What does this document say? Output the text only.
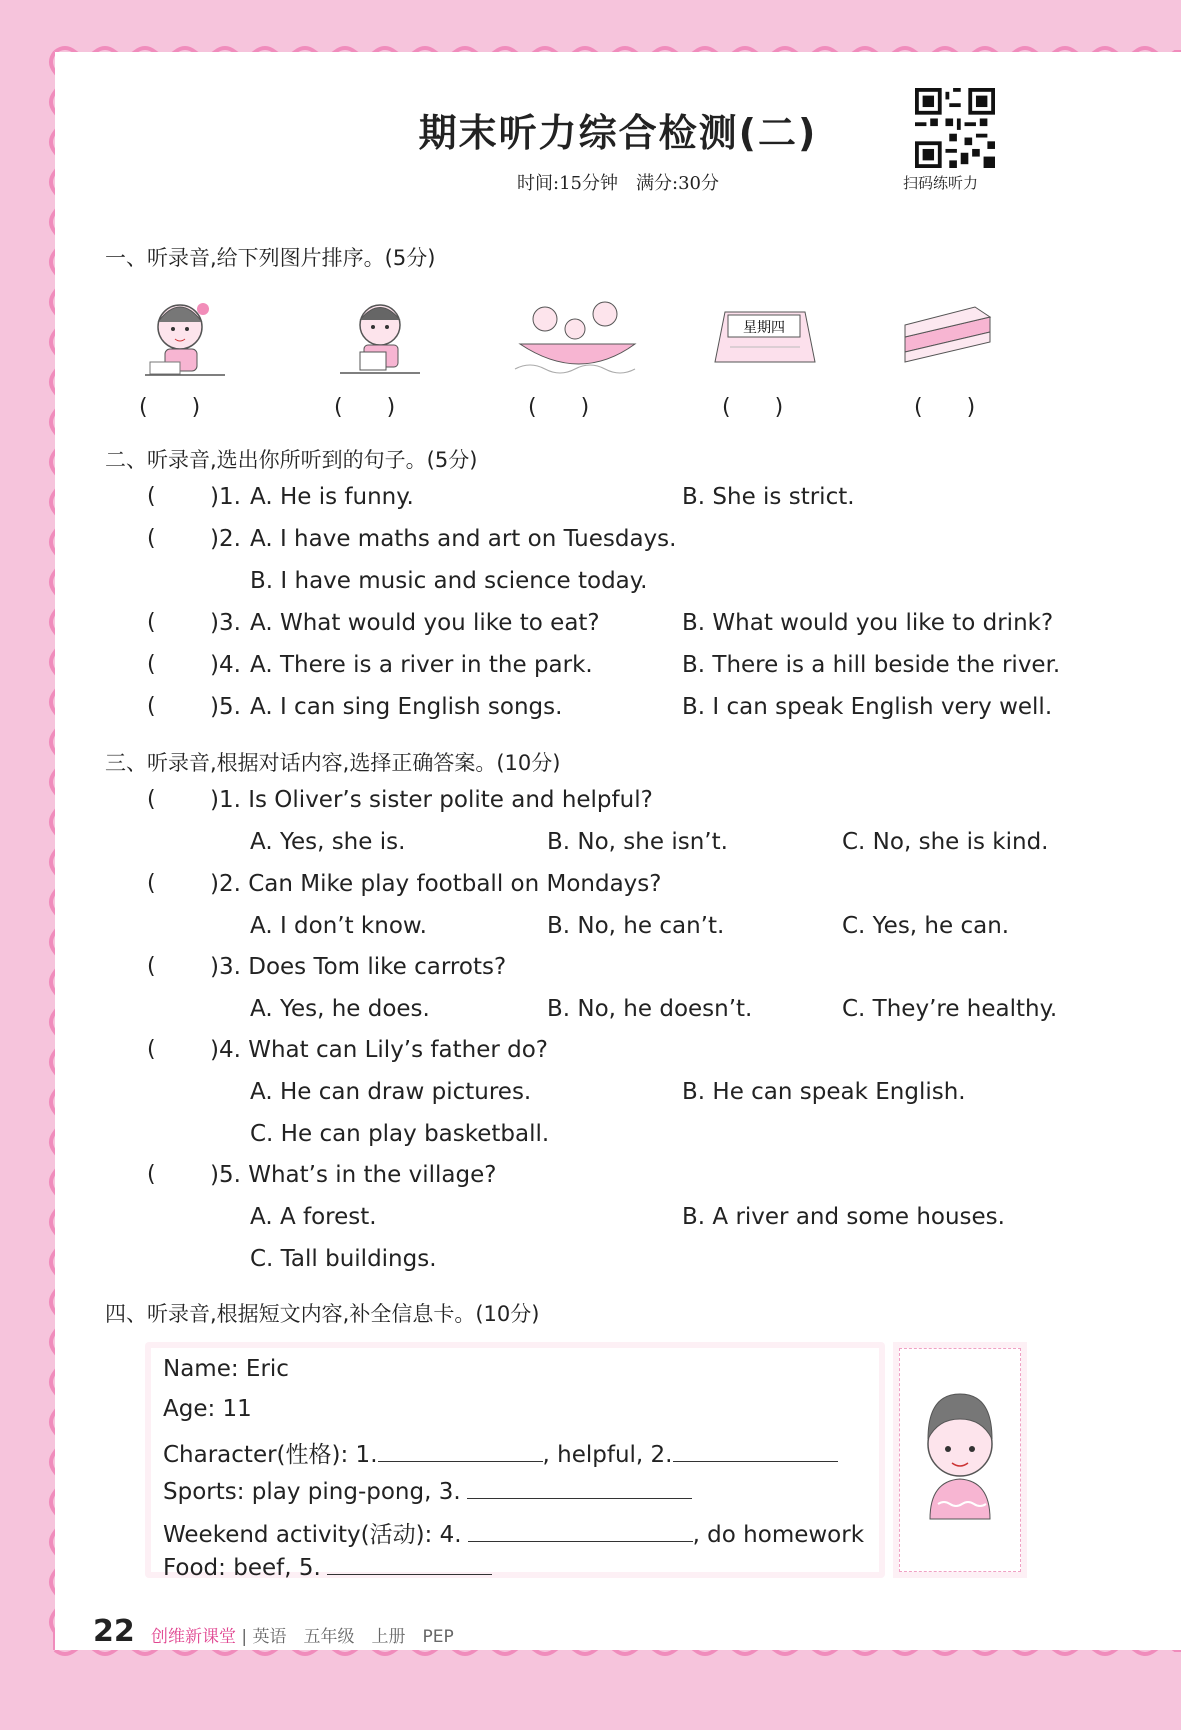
期末听力综合检测(二)
时间:15分钟　满分:30分	扫码练听力
一、听录音,给下列图片排序。(5分)
星期四
(　　)	(　　)	(　　)	(　　)	(　　)
二、听录音,选出你所听到的句子。(5分)
( )1. A. He is funny.	B. She is strict.
( )2. A. I have maths and art on Tuesdays.
B. I have music and science today.
( )3. A. What would you like to eat?	B. What would you like to drink?
( )4. A. There is a river in the park.	B. There is a hill beside the river.
( )5. A. I can sing English songs.	B. I can speak English very well.
三、听录音,根据对话内容,选择正确答案。(10分)
( )1. Is Oliver’s sister polite and helpful?
A. Yes, she is.	B. No, she isn’t.	C. No, she is kind.
( )2. Can Mike play football on Mondays?
A. I don’t know.	B. No, he can’t.	C. Yes, he can.
( )3. Does Tom like carrots?
A. Yes, he does.	B. No, he doesn’t.	C. They’re healthy.
( )4. What can Lily’s father do?
A. He can draw pictures.	B. He can speak English.
C. He can play basketball.
( )5. What’s in the village?
A. A forest.	B. A river and some houses.
C. Tall buildings.
四、听录音,根据短文内容,补全信息卡。(10分)
Name: Eric
Age: 11
Character(性格): 1.	, helpful, 2.
Sports: play ping-pong, 3.
Weekend activity(活动): 4.	, do homework
Food: beef, 5.
22 创维新课堂 | 英语　五年级　上册　PEP
